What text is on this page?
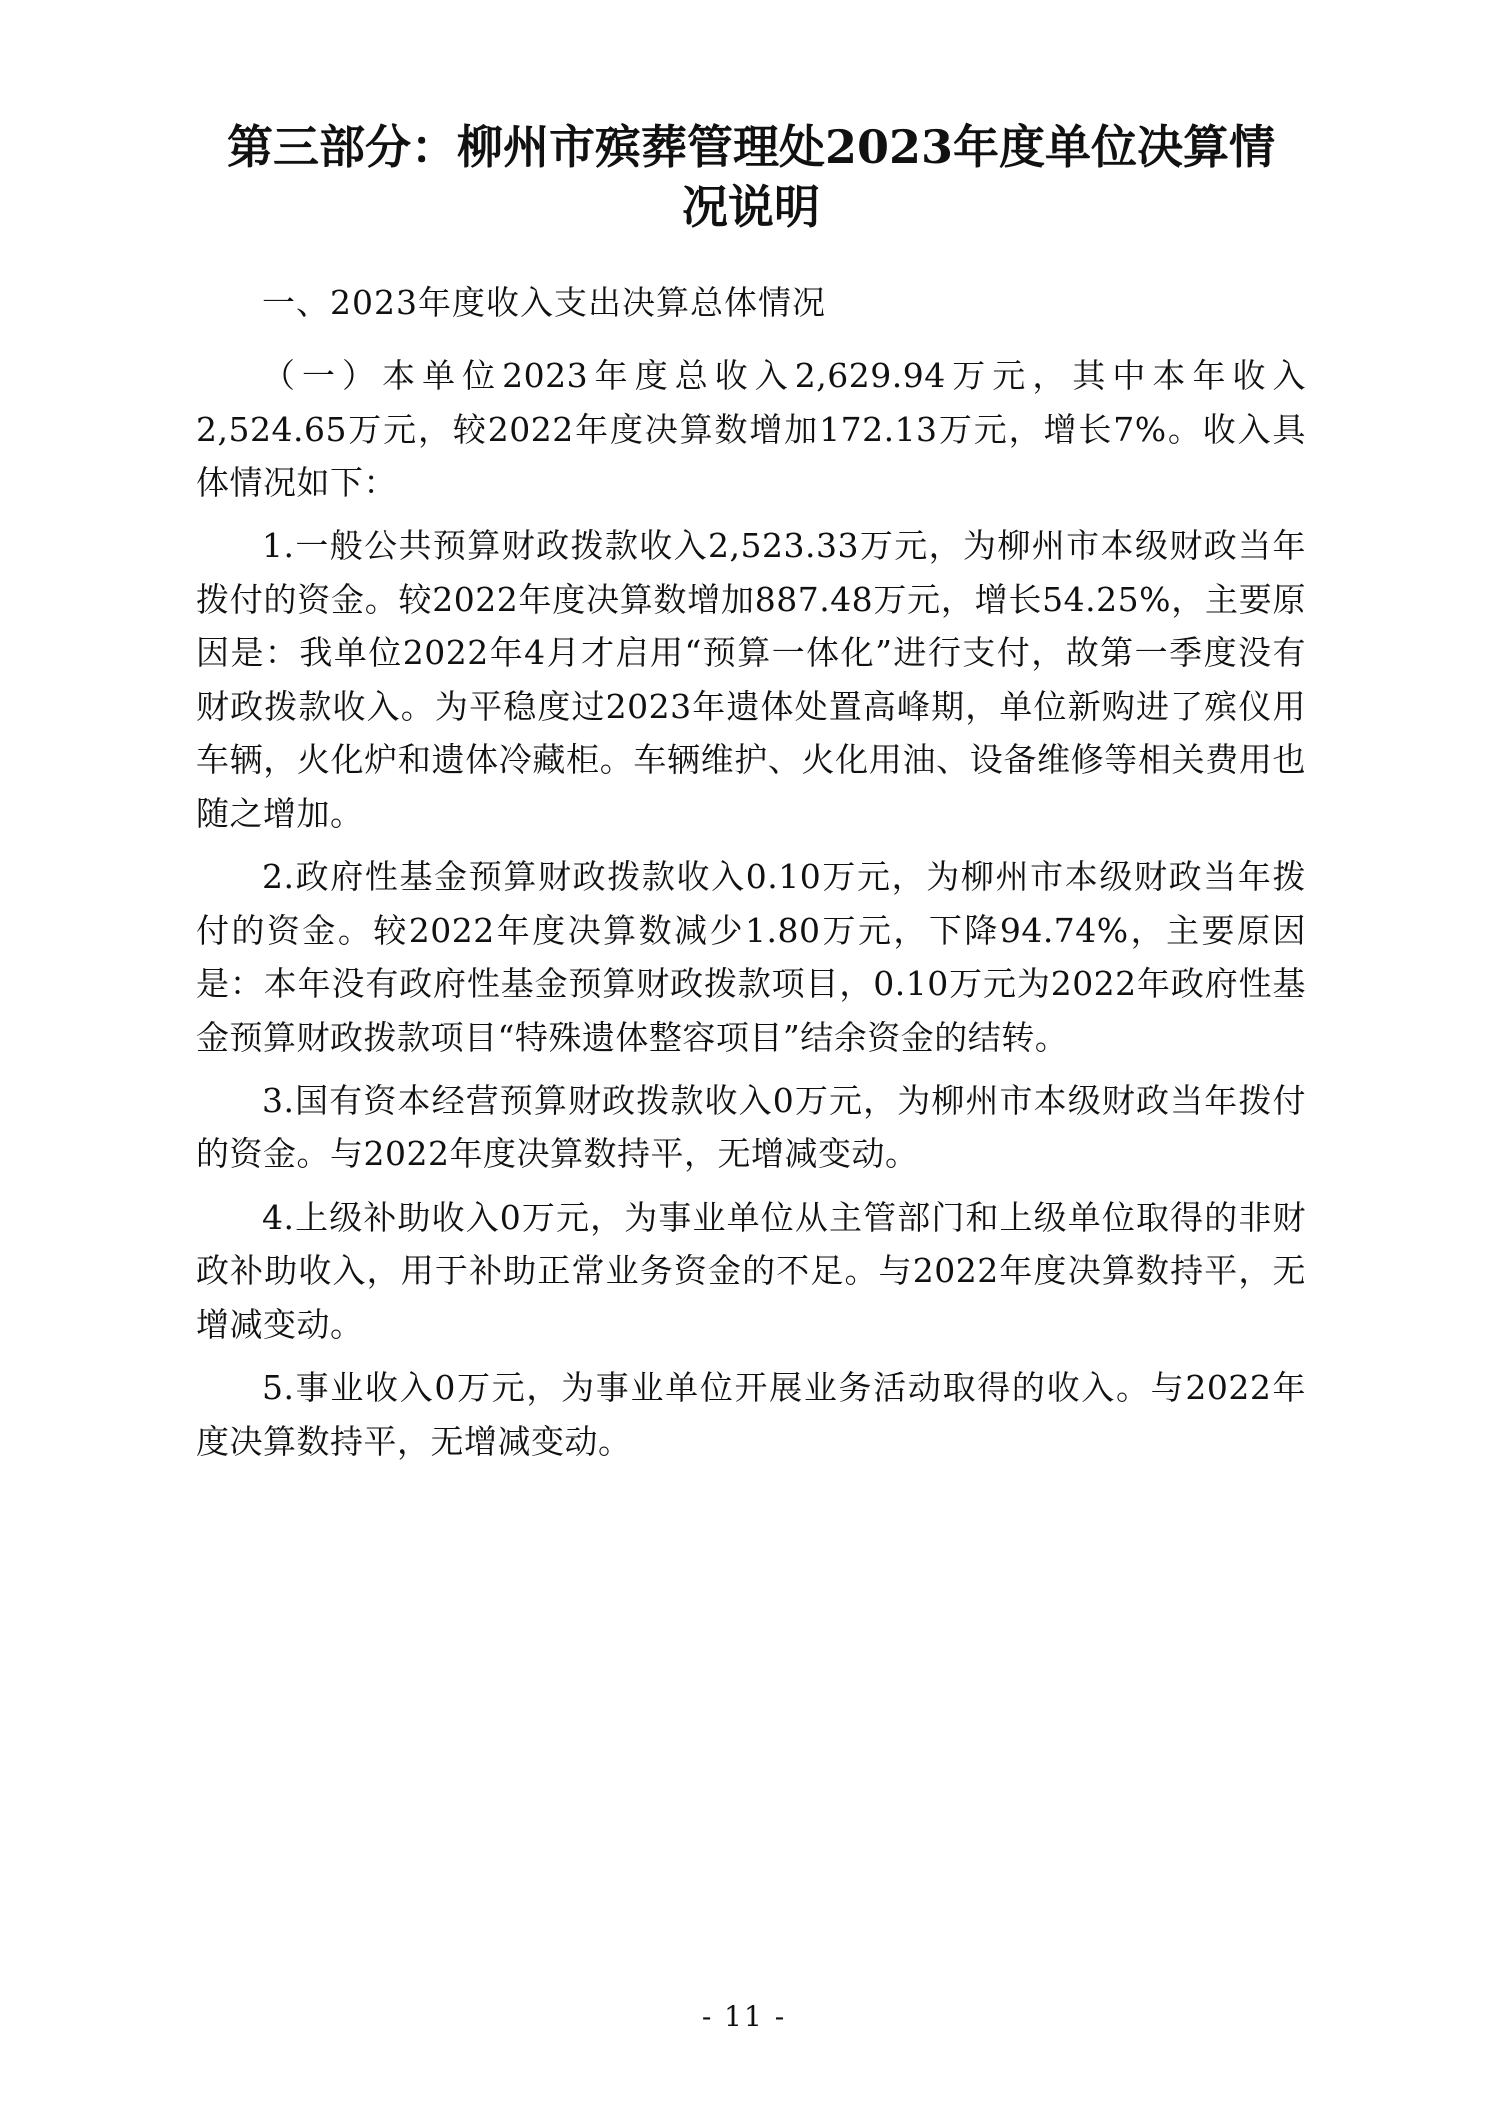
第三部分：柳州市殡葬管理处2023年度单位决算情况说明
一、2023年度收入支出决算总体情况

（一）本单位2023年度总收入2,629.94万元，其中本年收入2,524.65万元，较2022年度决算数增加172.13万元，增长7%。收入具体情况如下：

1.一般公共预算财政拨款收入2,523.33万元，为柳州市本级财政当年拨付的资金。较2022年度决算数增加887.48万元，增长54.25%，主要原因是：我单位2022年4月才启用“预算一体化”进行支付，故第一季度没有财政拨款收入。为平稳度过2023年遗体处置高峰期，单位新购进了殡仪用车辆，火化炉和遗体冷藏柜。车辆维护、火化用油、设备维修等相关费用也随之增加。

2.政府性基金预算财政拨款收入0.10万元，为柳州市本级财政当年拨付的资金。较2022年度决算数减少1.80万元，下降94.74%，主要原因是：本年没有政府性基金预算财政拨款项目，0.10万元为2022年政府性基金预算财政拨款项目“特殊遗体整容项目”结余资金的结转。

3.国有资本经营预算财政拨款收入0万元，为柳州市本级财政当年拨付的资金。与2022年度决算数持平，无增减变动。

4.上级补助收入0万元，为事业单位从主管部门和上级单位取得的非财政补助收入，用于补助正常业务资金的不足。与2022年度决算数持平，无增减变动。

5.事业收入0万元，为事业单位开展业务活动取得的收入。与2022年度决算数持平，无增减变动。

- 11 -
